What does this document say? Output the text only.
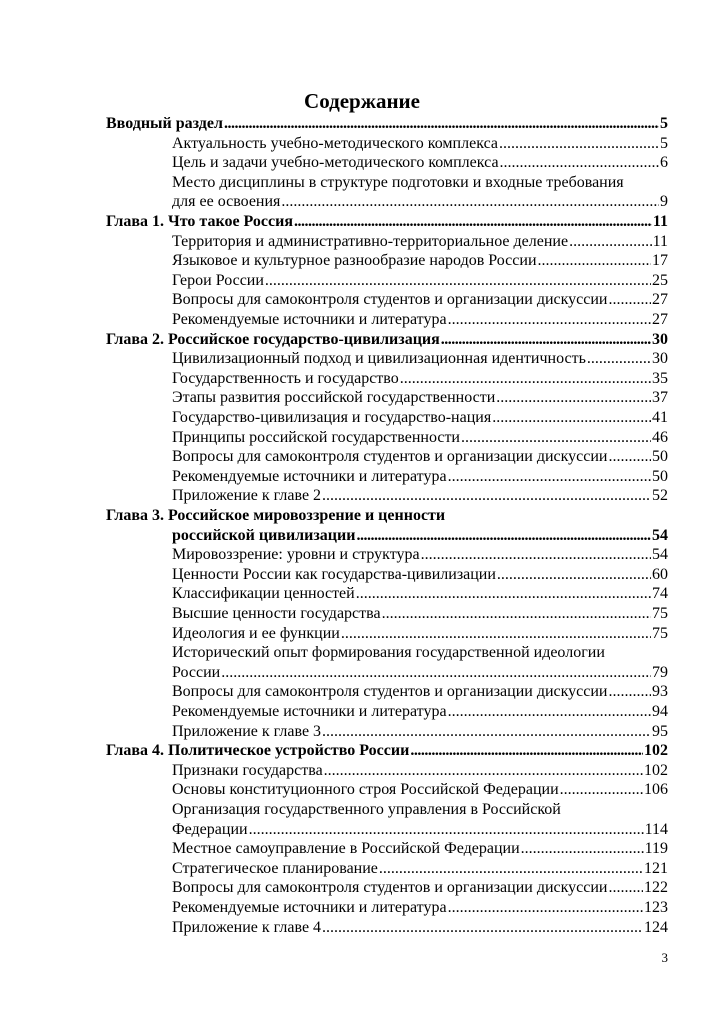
Содержание
Вводный раздел .....	5
Актуальность учебно-методического комплекса .....	5
Цель и задачи учебно-методического комплекса .....	6
Место дисциплины в структуре подготовки и входные требования
для ее освоения .....	9
Глава 1. Что такое Россия .....	11
Территория и административно-территориальное деление .....	11
Языковое и культурное разнообразие народов России .....	17
Герои России .....	25
Вопросы для самоконтроля студентов и организации дискуссии .....	27
Рекомендуемые источники и литература .....	27
Глава 2. Российское государство-цивилизация .....	30
Цивилизационный подход и цивилизационная идентичность .....	30
Государственность и государство .....	35
Этапы развития российской государственности .....	37
Государство-цивилизация и государство-нация .....	41
Принципы российской государственности .....	46
Вопросы для самоконтроля студентов и организации дискуссии .....	50
Рекомендуемые источники и литература .....	50
Приложение к главе 2 .....	52
Глава 3. Российское мировоззрение и ценности
российской цивилизации .....	54
Мировоззрение: уровни и структура .....	54
Ценности России как государства-цивилизации .....	60
Классификации ценностей .....	74
Высшие ценности государства .....	75
Идеология и ее функции .....	75
Исторический опыт формирования государственной идеологии
России .....	79
Вопросы для самоконтроля студентов и организации дискуссии .....	93
Рекомендуемые источники и литература .....	94
Приложение к главе 3 .....	95
Глава 4. Политическое устройство России .....	102
Признаки государства .....	102
Основы конституционного строя Российской Федерации .....	106
Организация государственного управления в Российской
Федерации .....	114
Местное самоуправление в Российской Федерации .....	119
Стратегическое планирование .....	121
Вопросы для самоконтроля студентов и организации дискуссии ..... 122
Рекомендуемые источники и литература .....	123
Приложение к главе 4 .....	124
3
